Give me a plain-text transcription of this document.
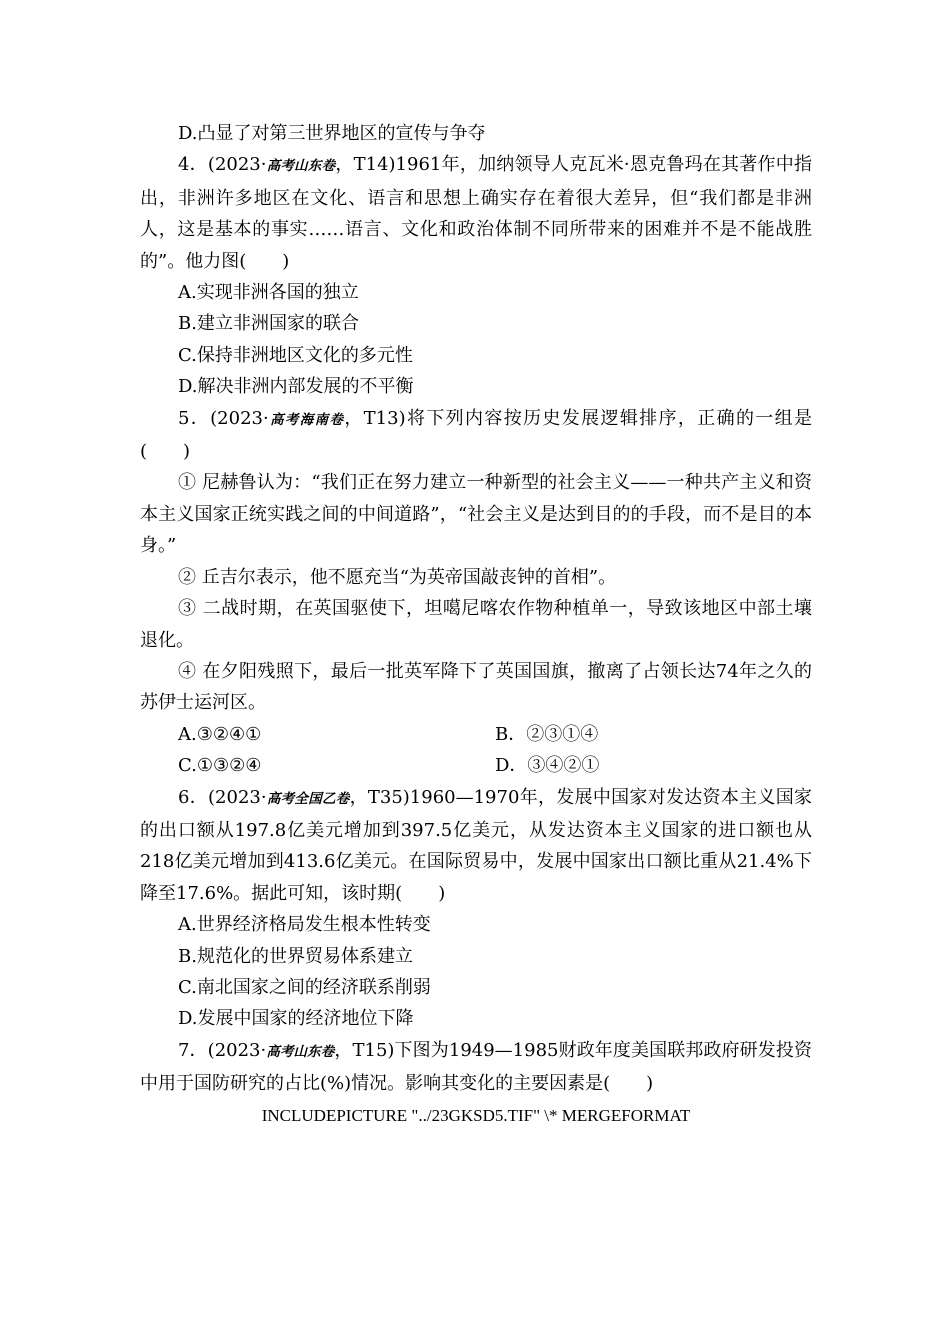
D.凸显了对第三世界地区的宣传与争夺
4．(2023·高考山东卷，T14)1961年，加纳领导人克瓦米·恩克鲁玛在其著作中指出，非洲许多地区在文化、语言和思想上确实存在着很大差异，但“我们都是非洲人，这是基本的事实……语言、文化和政治体制不同所带来的困难并不是不能战胜的”。他力图(　　)
A.实现非洲各国的独立
B.建立非洲国家的联合
C.保持非洲地区文化的多元性
D.解决非洲内部发展的不平衡
5．(2023·高考海南卷，T13)将下列内容按历史发展逻辑排序，正确的一组是(　　)
① 尼赫鲁认为：“我们正在努力建立一种新型的社会主义——一种共产主义和资本主义国家正统实践之间的中间道路”，“社会主义是达到目的的手段，而不是目的本身。”
② 丘吉尔表示，他不愿充当“为英帝国敲丧钟的首相”。
③ 二战时期，在英国驱使下，坦噶尼喀农作物种植单一，导致该地区中部土壤退化。
④ 在夕阳残照下，最后一批英军降下了英国国旗，撤离了占领长达74年之久的苏伊士运河区。
A.③②④①	B．②③①④
C.①③②④	D．③④②①
6．(2023·高考全国乙卷，T35)1960—1970年，发展中国家对发达资本主义国家的出口额从197.8亿美元增加到397.5亿美元，从发达资本主义国家的进口额也从218亿美元增加到413.6亿美元。在国际贸易中，发展中国家出口额比重从21.4%下降至17.6%。据此可知，该时期(　　)
A.世界经济格局发生根本性转变
B.规范化的世界贸易体系建立
C.南北国家之间的经济联系削弱
D.发展中国家的经济地位下降
7．(2023·高考山东卷，T15)下图为1949—1985财政年度美国联邦政府研发投资中用于国防研究的占比(%)情况。影响其变化的主要因素是(　　)
INCLUDEPICTURE "../23GKSD5.TIF" \* MERGEFORMAT
